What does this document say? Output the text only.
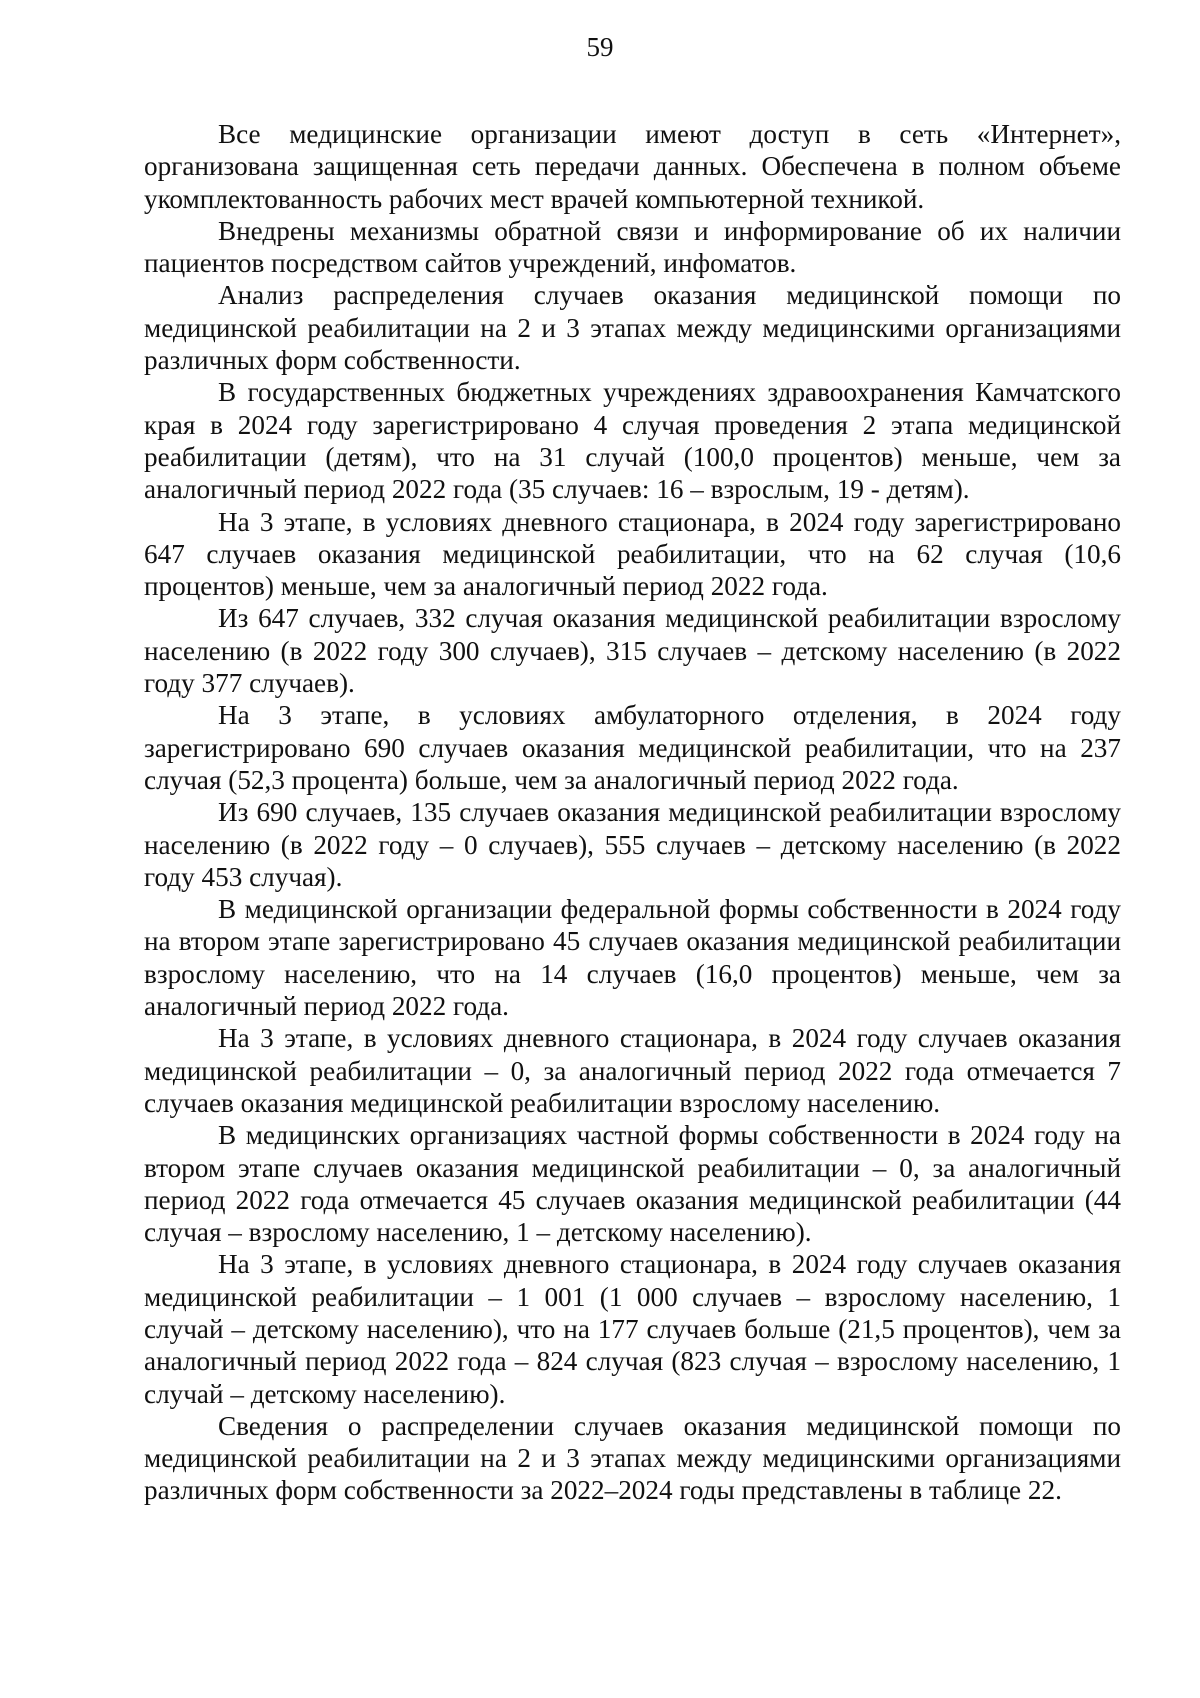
59

Все медицинские организации имеют доступ в сеть «Интернет», организована защищенная сеть передачи данных. Обеспечена в полном объеме укомплектованность рабочих мест врачей компьютерной техникой.

Внедрены механизмы обратной связи и информирование об их наличии пациентов посредством сайтов учреждений, инфоматов.

Анализ распределения случаев оказания медицинской помощи по медицинской реабилитации на 2 и 3 этапах между медицинскими организациями различных форм собственности.

В государственных бюджетных учреждениях здравоохранения Камчатского края в 2024 году зарегистрировано 4 случая проведения 2 этапа медицинской реабилитации (детям), что на 31 случай (100,0 процентов) меньше, чем за аналогичный период 2022 года (35 случаев: 16 – взрослым, 19 - детям).

На 3 этапе, в условиях дневного стационара, в 2024 году зарегистрировано 647 случаев оказания медицинской реабилитации, что на 62 случая (10,6 процентов) меньше, чем за аналогичный период 2022 года.

Из 647 случаев, 332 случая оказания медицинской реабилитации взрослому населению (в 2022 году 300 случаев), 315 случаев – детскому населению (в 2022 году 377 случаев).

На 3 этапе, в условиях амбулаторного отделения, в 2024 году зарегистрировано 690 случаев оказания медицинской реабилитации, что на 237 случая (52,3 процента) больше, чем за аналогичный период 2022 года.

Из 690 случаев, 135 случаев оказания медицинской реабилитации взрослому населению (в 2022 году – 0 случаев), 555 случаев – детскому населению (в 2022 году 453 случая).

В медицинской организации федеральной формы собственности в 2024 году на втором этапе зарегистрировано 45 случаев оказания медицинской реабилитации взрослому населению, что на 14 случаев (16,0 процентов) меньше, чем за аналогичный период 2022 года.

На 3 этапе, в условиях дневного стационара, в 2024 году случаев оказания медицинской реабилитации – 0, за аналогичный период 2022 года отмечается 7 случаев оказания медицинской реабилитации взрослому населению.

В медицинских организациях частной формы собственности в 2024 году на втором этапе случаев оказания медицинской реабилитации – 0, за аналогичный период 2022 года отмечается 45 случаев оказания медицинской реабилитации (44 случая – взрослому населению, 1 – детскому населению).

На 3 этапе, в условиях дневного стационара, в 2024 году случаев оказания медицинской реабилитации – 1 001 (1 000 случаев – взрослому населению, 1 случай – детскому населению), что на 177 случаев больше (21,5 процентов), чем за аналогичный период 2022 года – 824 случая (823 случая – взрослому населению, 1 случай – детскому населению).

Сведения о распределении случаев оказания медицинской помощи по медицинской реабилитации на 2 и 3 этапах между медицинскими организациями различных форм собственности за 2022–2024 годы представлены в таблице 22.
